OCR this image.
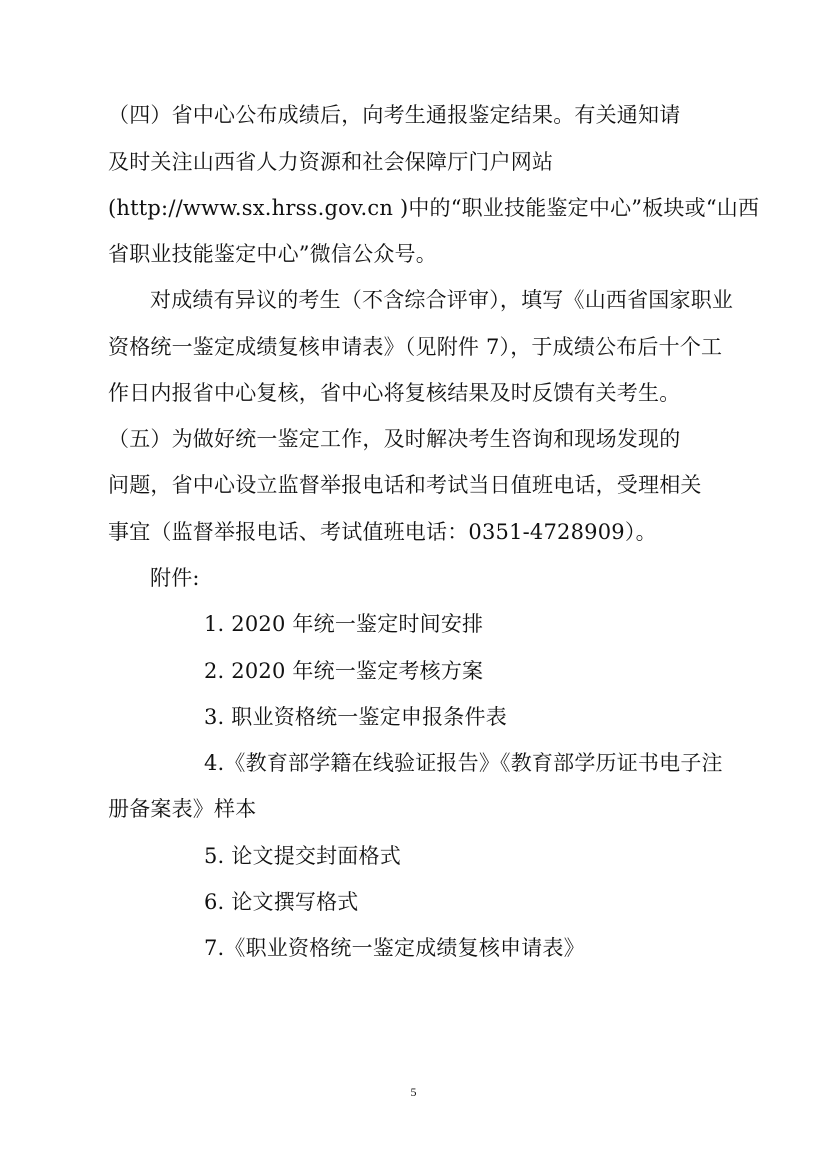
（四）省中心公布成绩后，向考生通报鉴定结果。有关通知请
及时关注山西省人力资源和社会保障厅门户网站
(http://www.sx.hrss.gov.cn )中的“职业技能鉴定中心”板块或“山西
省职业技能鉴定中心”微信公众号。
对成绩有异议的考生（不含综合评审），填写《山西省国家职业
资格统一鉴定成绩复核申请表》（见附件 7），于成绩公布后十个工
作日内报省中心复核，省中心将复核结果及时反馈有关考生。
（五）为做好统一鉴定工作，及时解决考生咨询和现场发现的
问题，省中心设立监督举报电话和考试当日值班电话，受理相关
事宜（监督举报电话、考试值班电话：0351-4728909）。
附件:
1. 2020 年统一鉴定时间安排
2. 2020 年统一鉴定考核方案
3. 职业资格统一鉴定申报条件表
4.《教育部学籍在线验证报告》《教育部学历证书电子注
册备案表》样本
5. 论文提交封面格式
6. 论文撰写格式
7.《职业资格统一鉴定成绩复核申请表》
5
